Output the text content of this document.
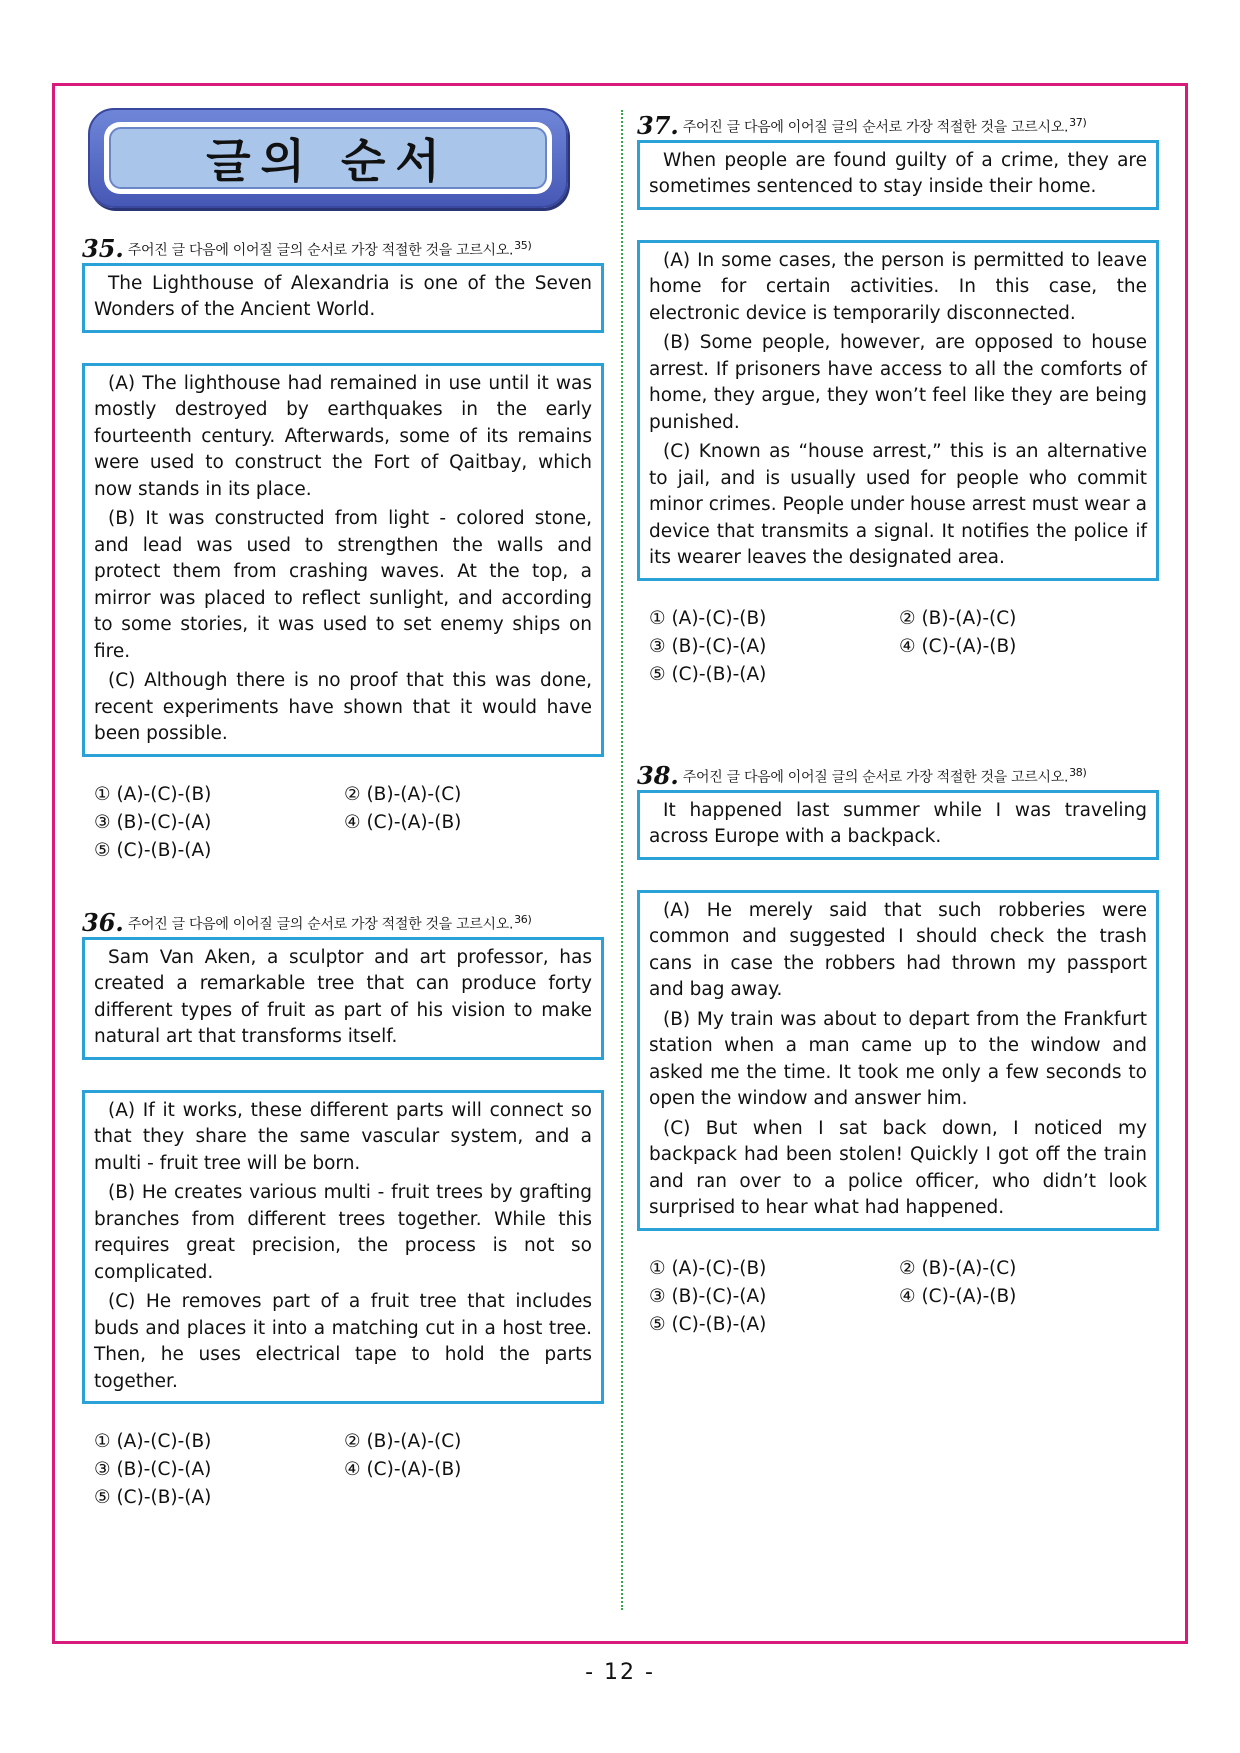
글의 순서
35. 주어진 글 다음에 이어질 글의 순서로 가장 적절한 것을 고르시오.$^{35)}$

The Lighthouse of Alexandria is one of the Seven Wonders of the Ancient World.

(A) The lighthouse had remained in use until it was mostly destroyed by earthquakes in the early fourteenth century. Afterwards, some of its remains were used to construct the Fort of Qaitbay, which now stands in its place.

(B) It was constructed from light - colored stone, and lead was used to strengthen the walls and protect them from crashing waves. At the top, a mirror was placed to reflect sunlight, and according to some stories, it was used to set enemy ships on fire.

(C) Although there is no proof that this was done, recent experiments have shown that it would have been possible.

① (A)-(C)-(B)	② (B)-(A)-(C)
③ (B)-(C)-(A)	④ (C)-(A)-(B)
⑤ (C)-(B)-(A)
36. 주어진 글 다음에 이어질 글의 순서로 가장 적절한 것을 고르시오.$^{36)}$

Sam Van Aken, a sculptor and art professor, has created a remarkable tree that can produce forty different types of fruit as part of his vision to make natural art that transforms itself.

(A) If it works, these different parts will connect so that they share the same vascular system, and a multi - fruit tree will be born.

(B) He creates various multi - fruit trees by grafting branches from different trees together. While this requires great precision, the process is not so complicated.

(C) He removes part of a fruit tree that includes buds and places it into a matching cut in a host tree. Then, he uses electrical tape to hold the parts together.

① (A)-(C)-(B)	② (B)-(A)-(C)
③ (B)-(C)-(A)	④ (C)-(A)-(B)
⑤ (C)-(B)-(A)
37. 주어진 글 다음에 이어질 글의 순서로 가장 적절한 것을 고르시오.$^{37)}$

When people are found guilty of a crime, they are sometimes sentenced to stay inside their home.

(A) In some cases, the person is permitted to leave home for certain activities. In this case, the electronic device is temporarily disconnected.

(B) Some people, however, are opposed to house arrest. If prisoners have access to all the comforts of home, they argue, they won’t feel like they are being punished.

(C) Known as “house arrest,” this is an alternative to jail, and is usually used for people who commit minor crimes. People under house arrest must wear a device that transmits a signal. It notifies the police if its wearer leaves the designated area.

① (A)-(C)-(B)	② (B)-(A)-(C)
③ (B)-(C)-(A)	④ (C)-(A)-(B)
⑤ (C)-(B)-(A)
38. 주어진 글 다음에 이어질 글의 순서로 가장 적절한 것을 고르시오.$^{38)}$

It happened last summer while I was traveling across Europe with a backpack.

(A) He merely said that such robberies were common and suggested I should check the trash cans in case the robbers had thrown my passport and bag away.

(B) My train was about to depart from the Frankfurt station when a man came up to the window and asked me the time. It took me only a few seconds to open the window and answer him.

(C) But when I sat back down, I noticed my backpack had been stolen! Quickly I got off the train and ran over to a police officer, who didn’t look surprised to hear what had happened.

① (A)-(C)-(B)	② (B)-(A)-(C)
③ (B)-(C)-(A)	④ (C)-(A)-(B)
⑤ (C)-(B)-(A)
- 12 -
